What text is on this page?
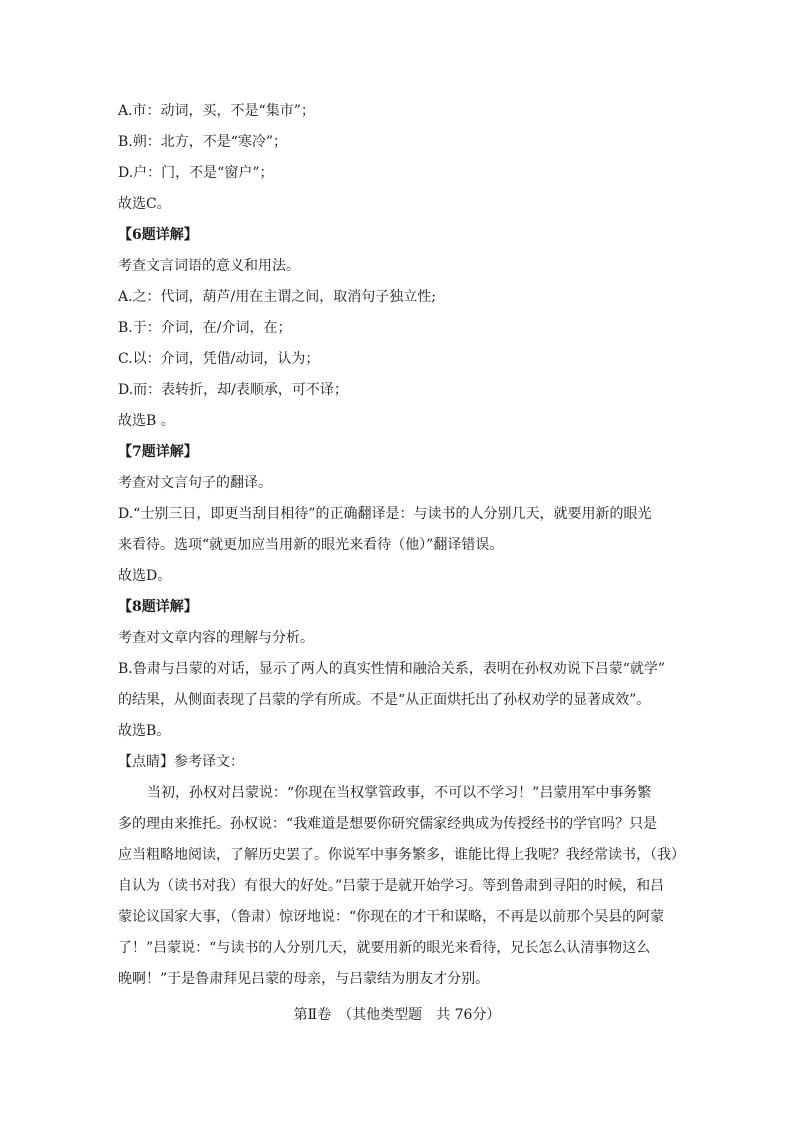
A.市：动词，买，不是“集市”；
B.朔：北方，不是“寒冷”；
D.户：门，不是“窗户”；
故选C。
【6题详解】
考查文言词语的意义和用法。
A.之：代词，葫芦/用在主谓之间，取消句子独立性;
B.于：介词，在/介词，在；
C.以：介词，凭借/动词，认为；
D.而：表转折，却/表顺承，可不译；
故选B 。
【7题详解】
考查对文言句子的翻译。
D.“士别三日，即更当刮目相待”的正确翻译是：与读书的人分别几天，就要用新的眼光
来看待。选项“就更加应当用新的眼光来看待（他）”翻译错误。
故选D。
【8题详解】
考查对文章内容的理解与分析。
B.鲁肃与吕蒙的对话，显示了两人的真实性情和融洽关系，表明在孙权劝说下吕蒙“就学”
的结果，从侧面表现了吕蒙的学有所成。不是“从正面烘托出了孙权劝学的显著成效”。
故选B。
【点睛】参考译文：
当初，孙权对吕蒙说：“你现在当权掌管政事，不可以不学习！”吕蒙用军中事务繁
多的理由来推托。孙权说：“我难道是想要你研究儒家经典成为传授经书的学官吗？只是
应当粗略地阅读，了解历史罢了。你说军中事务繁多，谁能比得上我呢？我经常读书，（我）
自认为（读书对我）有很大的好处。”吕蒙于是就开始学习。等到鲁肃到寻阳的时候，和吕
蒙论议国家大事，（鲁肃）惊讶地说：“你现在的才干和谋略，不再是以前那个吴县的阿蒙
了！”吕蒙说：“与读书的人分别几天，就要用新的眼光来看待，兄长怎么认清事物这么
晚啊！”于是鲁肃拜见吕蒙的母亲，与吕蒙结为朋友才分别。
第Ⅱ卷　（其他类型题　共 76分）
